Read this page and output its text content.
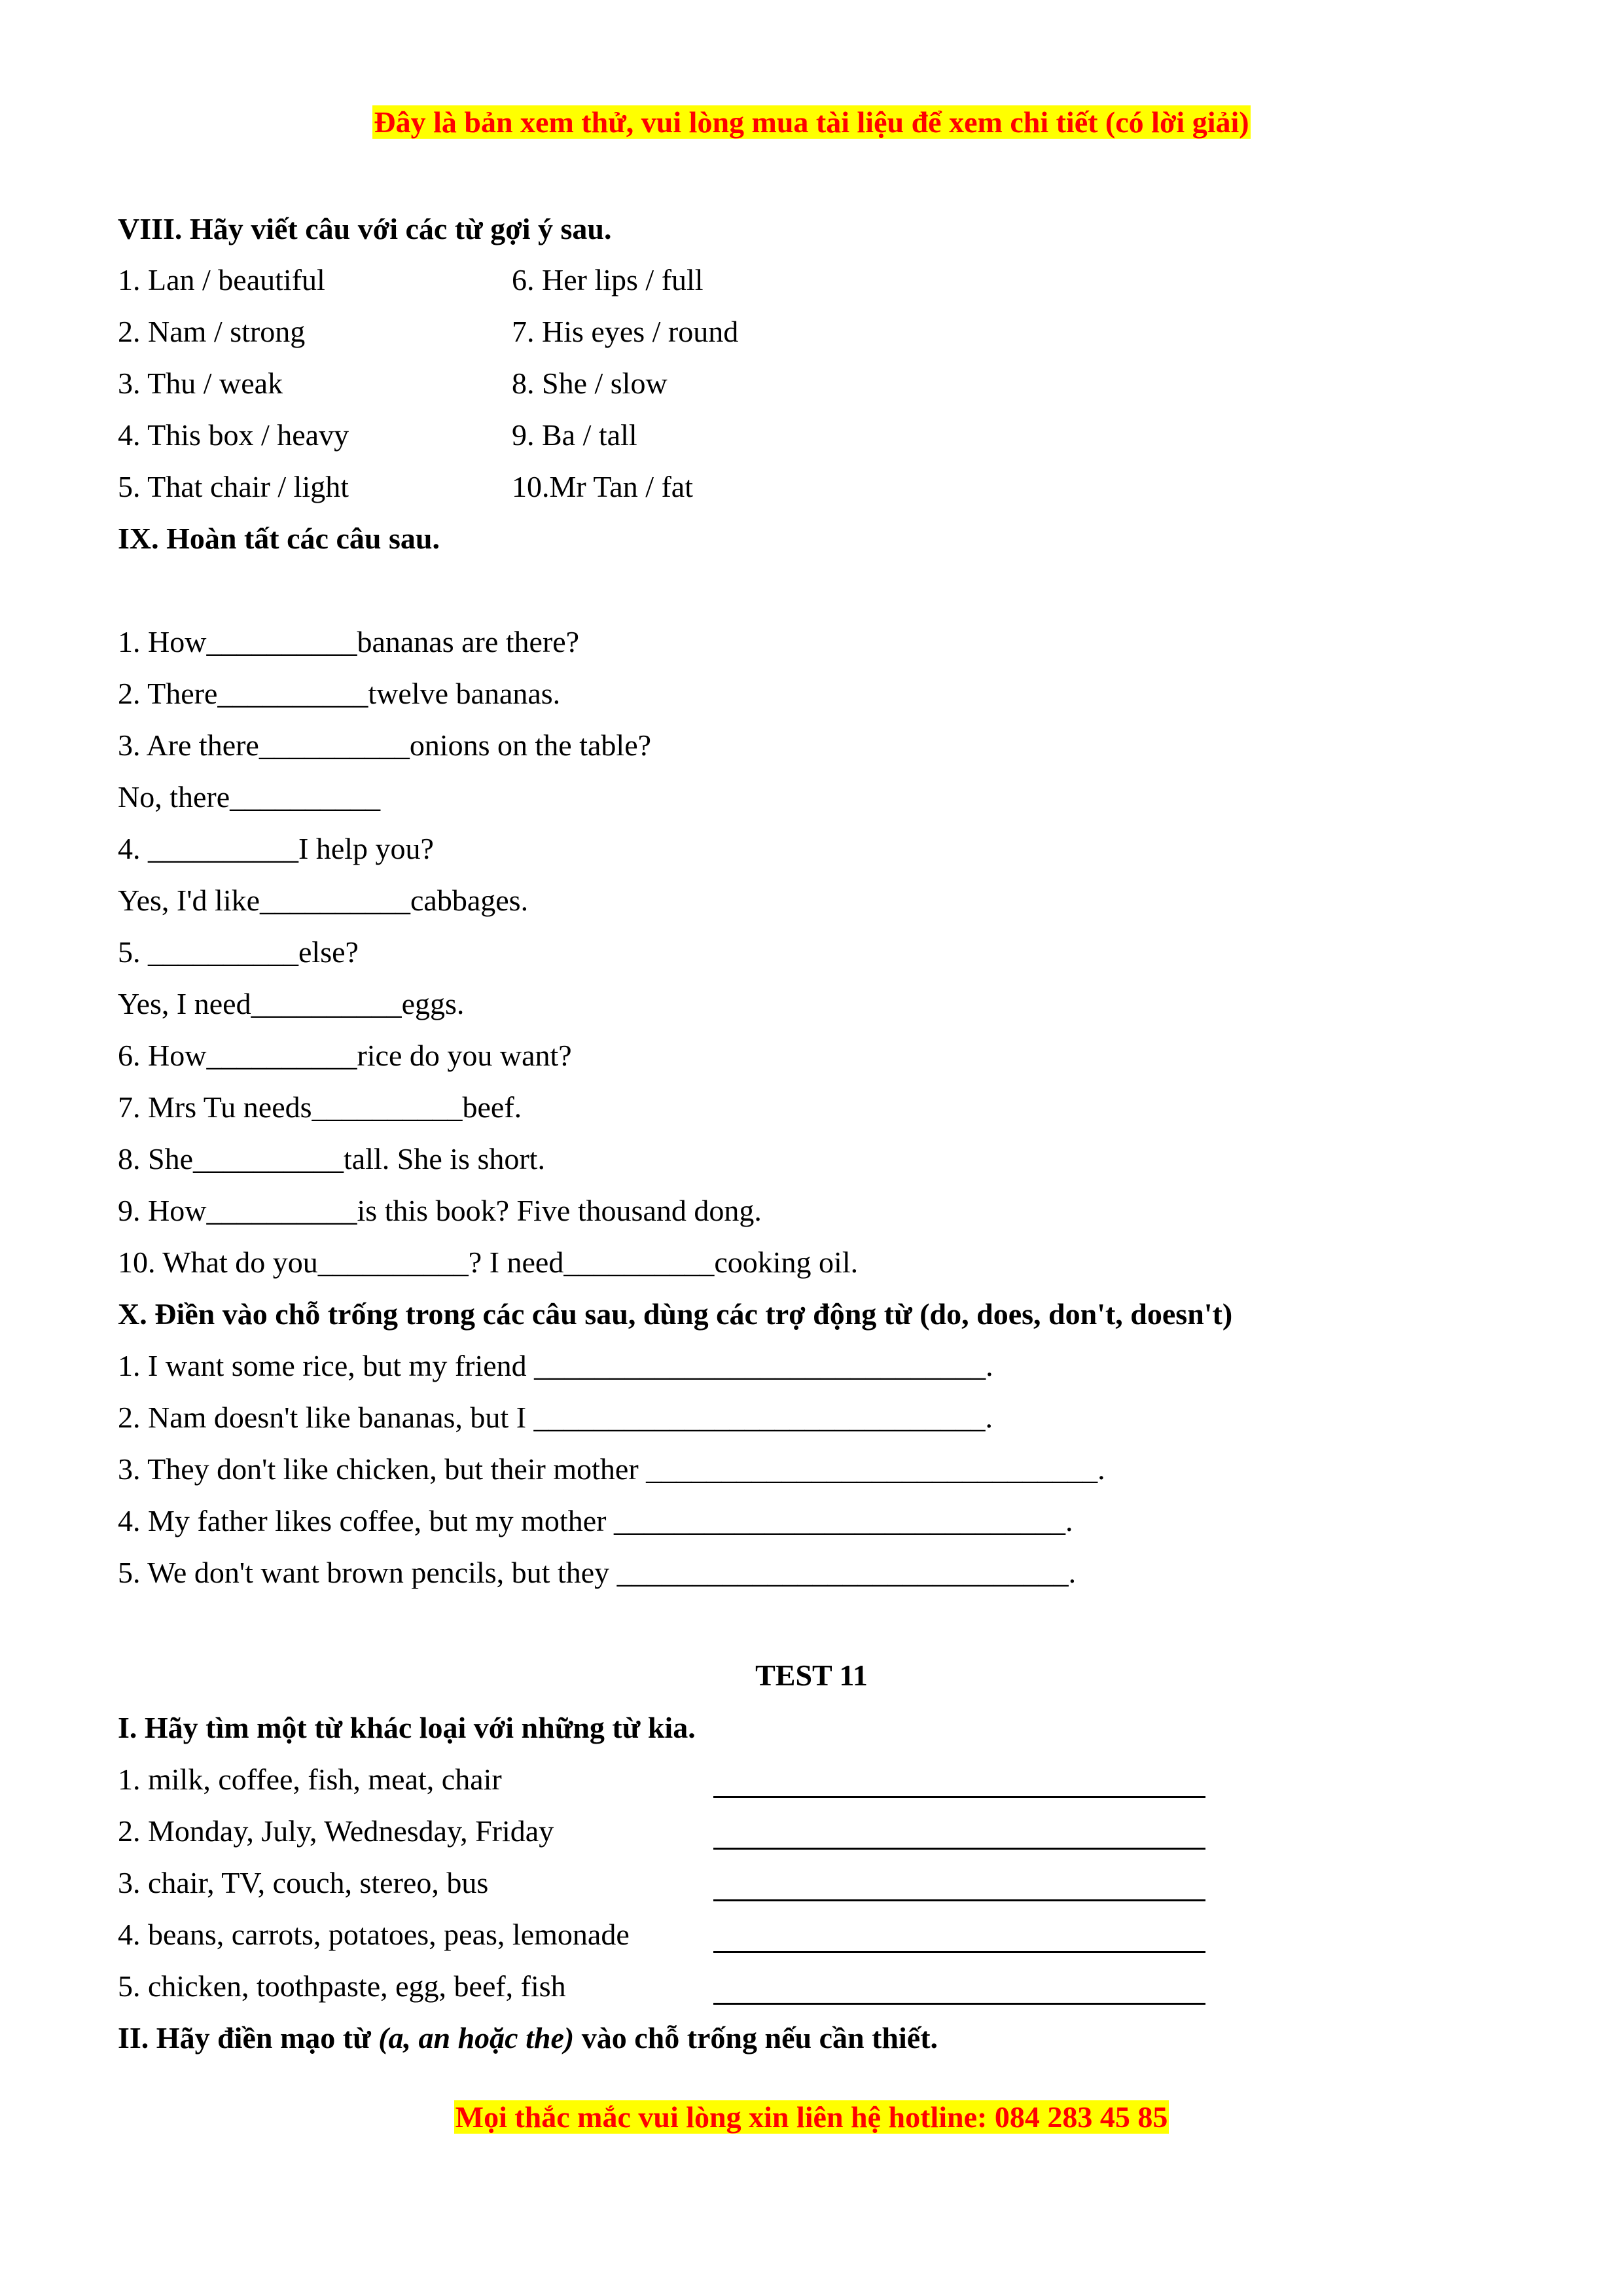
Đây là bản xem thử, vui lòng mua tài liệu để xem chi tiết (có lời giải)
VIII. Hãy viết câu với các từ gợi ý sau.
1. Lan / beautiful
2. Nam / strong
3. Thu / weak
4. This box / heavy
5. That chair / light
6. Her lips / full
7. His eyes / round
8. She / slow
9. Ba / tall
10.Mr Tan / fat
IX. Hoàn tất các câu sau.
1. How__________bananas are there?
2. There__________twelve bananas.
3. Are there__________onions on the table?
No, there__________
4. __________I help you?
Yes, I'd like__________cabbages.
5. __________else?
Yes, I need__________eggs.
6. How__________rice do you want?
7. Mrs Tu needs__________beef.
8. She__________tall. She is short.
9. How__________is this book? Five thousand dong.
10. What do you__________? I need__________cooking oil.
X. Điền vào chỗ trống trong các câu sau, dùng các trợ động từ (do, does, don't, doesn't)
1. I want some rice, but my friend ______________________________.
2. Nam doesn't like bananas, but I ______________________________.
3. They don't like chicken, but their mother ______________________________.
4. My father likes coffee, but my mother ______________________________.
5. We don't want brown pencils, but they ______________________________.
TEST 11
I. Hãy tìm một từ khác loại với những từ kia.
1. milk, coffee, fish, meat, chair
2. Monday, July, Wednesday, Friday
3. chair, TV, couch, stereo, bus
4. beans, carrots, potatoes, peas, lemonade
5. chicken, toothpaste, egg, beef, fish
II. Hãy điền mạo từ (a, an hoặc the) vào chỗ trống nếu cần thiết.
Mọi thắc mắc vui lòng xin liên hệ hotline: 084 283 45 85
